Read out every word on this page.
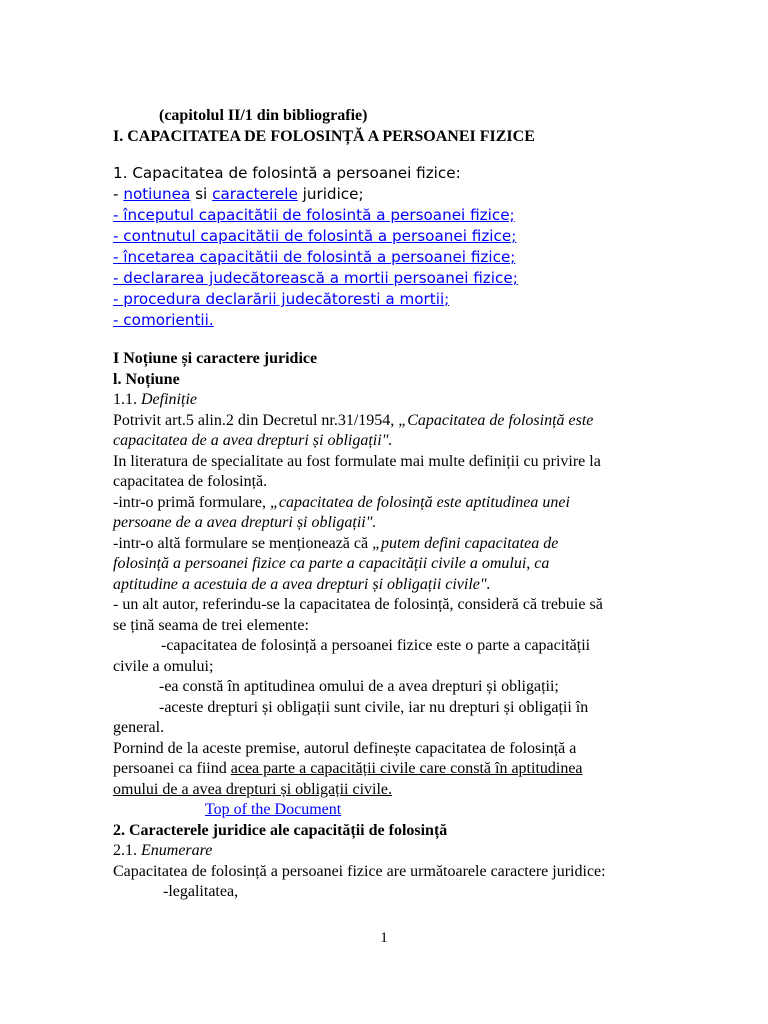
(capitolul II/1 din bibliografie)
I. CAPACITATEA DE FOLOSINȚĂ A PERSOANEI FIZICE
1. Capacitatea de folosintă a persoanei fizice:
- notiunea si caracterele juridice;
- începutul capacitătii de folosintă a persoanei fizice;
- contnutul capacitătii de folosintă a persoanei fizice;
- încetarea capacitătii de folosintă a persoanei fizice;
- declararea judecătorească a mortii persoanei fizice;
- procedura declarării judecătoresti a mortii;
- comorientii.
I Noțiune și caractere juridice
l. Noțiune
1.1. Definiție
Potrivit art.5 alin.2 din Decretul nr.31/1954, „Capacitatea de folosință este
capacitatea de a avea drepturi și obligații".
In literatura de specialitate au fost formulate mai multe definiții cu privire la
capacitatea de folosință.
-intr-o primă formulare, „capacitatea de folosință este aptitudinea unei
persoane de a avea drepturi și obligații".
-intr-o altă formulare se menționează că „putem defini capacitatea de
folosință a persoanei fizice ca parte a capacității civile a omului, ca
aptitudine a acestuia de a avea drepturi și obligații civile".
- un alt autor, referindu-se la capacitatea de folosință, consideră că trebuie să
se țină seama de trei elemente:
-capacitatea de folosință a persoanei fizice este o parte a capacității
civile a omului;
-ea constă în aptitudinea omului de a avea drepturi și obligații;
-aceste drepturi și obligații sunt civile, iar nu drepturi și obligații în
general.
Pornind de la aceste premise, autorul definește capacitatea de folosință a
persoanei ca fiind acea parte a capacității civile care constă în aptitudinea
omului de a avea drepturi și obligații civile.
Top of the Document
2. Caracterele juridice ale capacității de folosință
2.1. Enumerare
Capacitatea de folosință a persoanei fizice are următoarele caractere juridice:
-legalitatea,
1
